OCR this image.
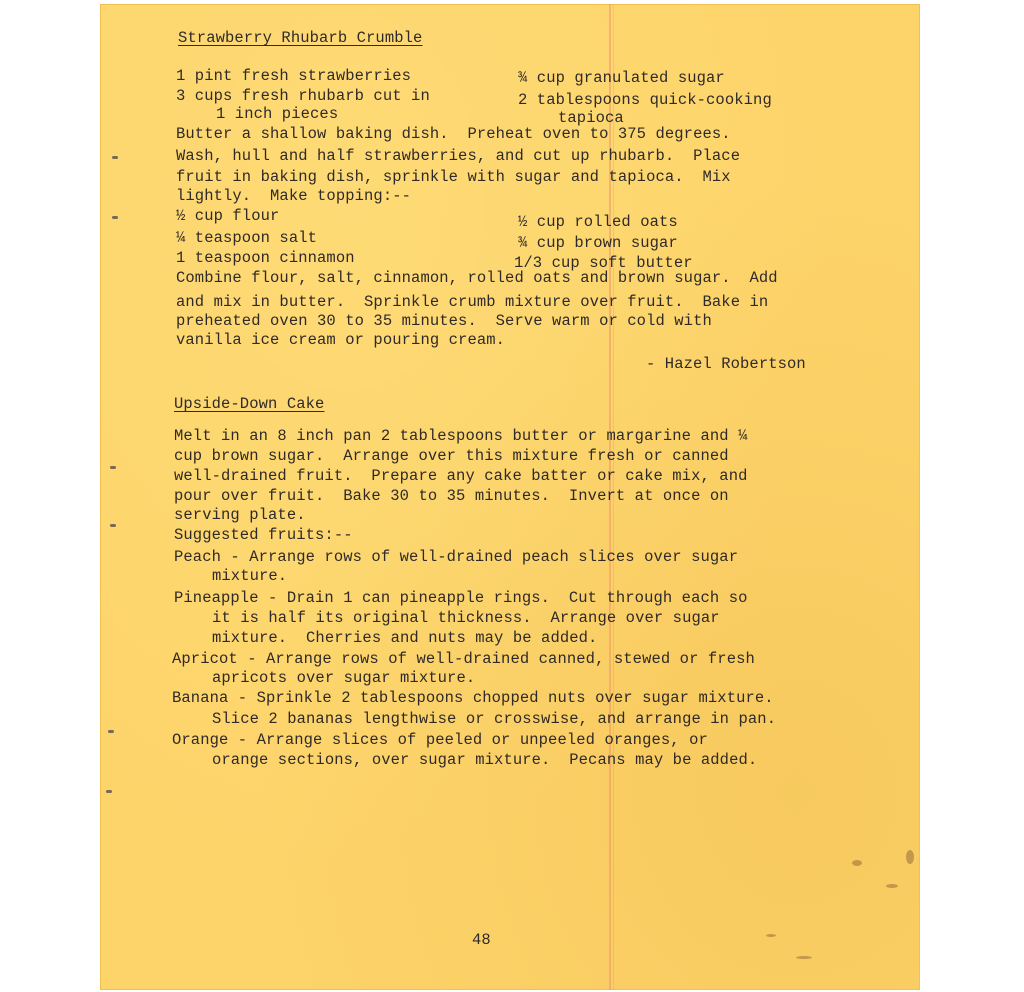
Strawberry Rhubarb Crumble

1 pint fresh strawberries

3 cups fresh rhubarb cut in

1 inch pieces

¾ cup granulated sugar

2 tablespoons quick-cooking

tapioca

Butter a shallow baking dish.  Preheat oven to 375 degrees.

Wash, hull and half strawberries, and cut up rhubarb.  Place

fruit in baking dish, sprinkle with sugar and tapioca.  Mix

lightly.  Make topping:--

½ cup flour

¼ teaspoon salt

1 teaspoon cinnamon

½ cup rolled oats

¾ cup brown sugar

1/3 cup soft butter

Combine flour, salt, cinnamon, rolled oats and brown sugar.  Add

and mix in butter.  Sprinkle crumb mixture over fruit.  Bake in

preheated oven 30 to 35 minutes.  Serve warm or cold with

vanilla ice cream or pouring cream.

- Hazel Robertson

Upside-Down Cake

Melt in an 8 inch pan 2 tablespoons butter or margarine and ¼

cup brown sugar.  Arrange over this mixture fresh or canned

well-drained fruit.  Prepare any cake batter or cake mix, and

pour over fruit.  Bake 30 to 35 minutes.  Invert at once on

serving plate.

Suggested fruits:--

Peach - Arrange rows of well-drained peach slices over sugar

mixture.

Pineapple - Drain 1 can pineapple rings.  Cut through each so

it is half its original thickness.  Arrange over sugar

mixture.  Cherries and nuts may be added.

Apricot - Arrange rows of well-drained canned, stewed or fresh

apricots over sugar mixture.

Banana - Sprinkle 2 tablespoons chopped nuts over sugar mixture.

Slice 2 bananas lengthwise or crosswise, and arrange in pan.

Orange - Arrange slices of peeled or unpeeled oranges, or

orange sections, over sugar mixture.  Pecans may be added.

48
